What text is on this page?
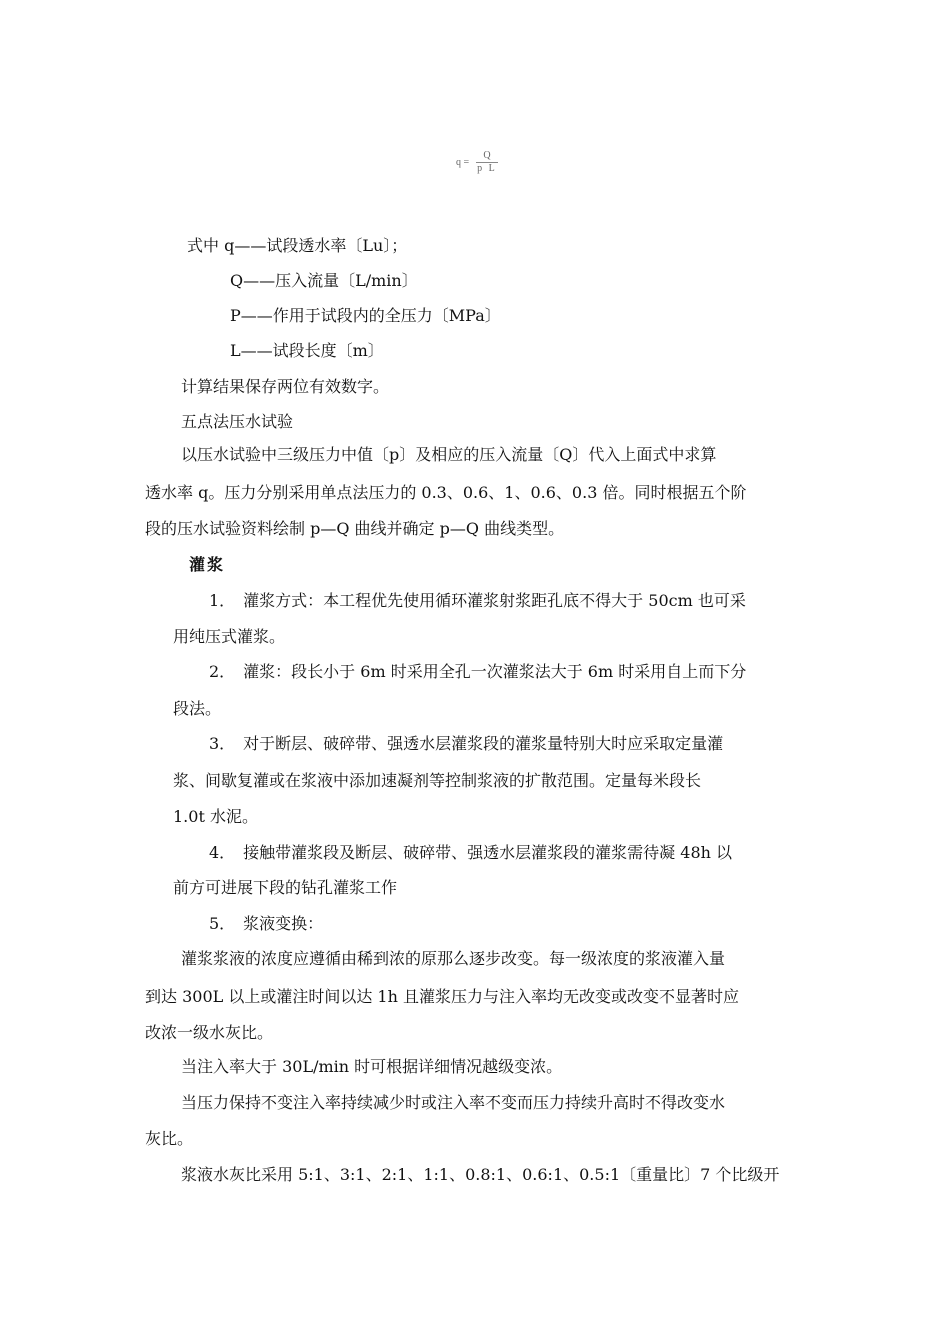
$q = \frac{Q}{\text{p L}}$
式中 q——试段透水率〔Lu〕；
Q——压入流量〔L/min〕
P——作用于试段内的全压力〔MPa〕
L——试段长度〔m〕
计算结果保存两位有效数字。
五点法压水试验
以压水试验中三级压力中值〔p〕及相应的压入流量〔Q〕代入上面式中求算
透水率 q。压力分别采用单点法压力的 0.3、0.6、1、0.6、0.3 倍。同时根据五个阶
段的压水试验资料绘制 p—Q 曲线并确定 p—Q 曲线类型。
灌浆
1．　灌浆方式：本工程优先使用循环灌浆射浆距孔底不得大于 50cm 也可采
用纯压式灌浆。
2．　灌浆：段长小于 6m 时采用全孔一次灌浆法大于 6m 时采用自上而下分
段法。
3．　对于断层、破碎带、强透水层灌浆段的灌浆量特别大时应采取定量灌
浆、间歇复灌或在浆液中添加速凝剂等控制浆液的扩散范围。定量每米段长
1.0t 水泥。
4．　接触带灌浆段及断层、破碎带、强透水层灌浆段的灌浆需待凝 48h 以
前方可进展下段的钻孔灌浆工作
5．　浆液变换：
灌浆浆液的浓度应遵循由稀到浓的原那么逐步改变。每一级浓度的浆液灌入量
到达 300L 以上或灌注时间以达 1h 且灌浆压力与注入率均无改变或改变不显著时应
改浓一级水灰比。
当注入率大于 30L/min 时可根据详细情况越级变浓。
当压力保持不变注入率持续减少时或注入率不变而压力持续升高时不得改变水
灰比。
浆液水灰比采用 5:1、3:1、2:1、1:1、0.8:1、0.6:1、0.5:1〔重量比〕7 个比级开
